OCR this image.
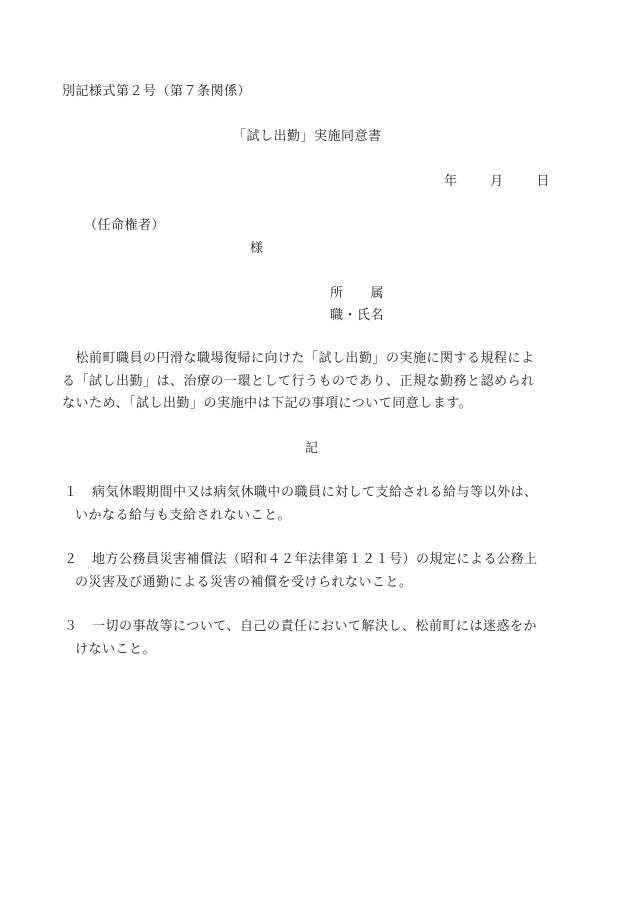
別記様式第２号（第７条関係）
「試し出勤」実施同意書
年	月	日
（任命権者）
様
所　　属
職・氏名

　松前町職員の円滑な職場復帰に向けた「試し出勤」の実施に関する規程によ

る「試し出勤」は、治療の一環として行うものであり、正規な勤務と認められ

ないため、「試し出勤」の実施中は下記の事項について同意します。

記
１	病気休暇期間中又は病気休職中の職員に対して支給される給与等以外は、
いかなる給与も支給されないこと。
２	地方公務員災害補償法（昭和４２年法律第１２１号）の規定による公務上
の災害及び通勤による災害の補償を受けられないこと。
３	一切の事故等について、自己の責任において解決し、松前町には迷惑をか
けないこと。
